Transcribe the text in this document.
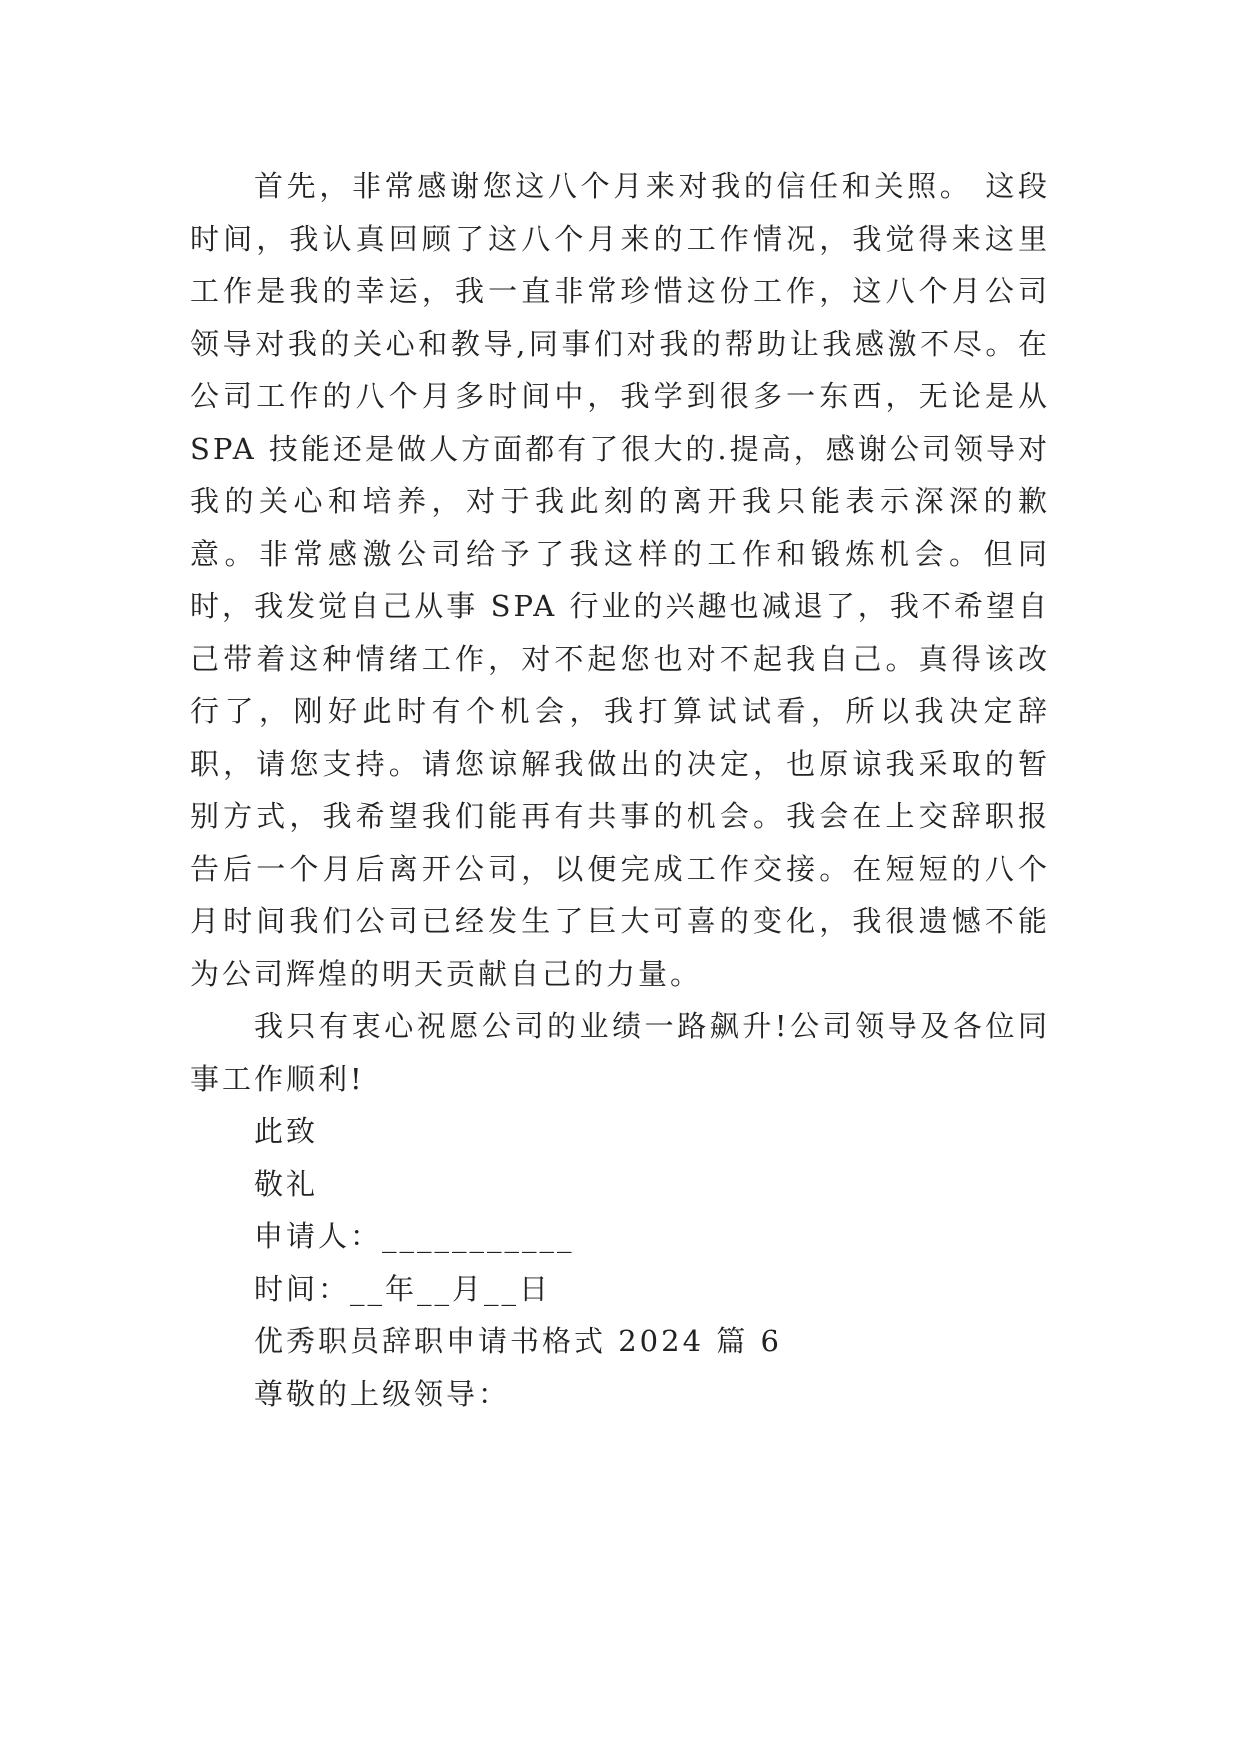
首先，非常感谢您这八个月来对我的信任和关照。 这段时间，我认真回顾了这八个月来的工作情况，我觉得来这里工作是我的幸运，我一直非常珍惜这份工作，这八个月公司领导对我的关心和教导,同事们对我的帮助让我感激不尽。在公司工作的八个月多时间中，我学到很多一东西，无论是从 SPA 技能还是做人方面都有了很大的.提高，感谢公司领导对我的关心和培养，对于我此刻的离开我只能表示深深的歉意。非常感激公司给予了我这样的工作和锻炼机会。但同时，我发觉自己从事 SPA 行业的兴趣也减退了，我不希望自己带着这种情绪工作，对不起您也对不起我自己。真得该改行了，刚好此时有个机会，我打算试试看，所以我决定辞职，请您支持。请您谅解我做出的决定，也原谅我采取的暂别方式，我希望我们能再有共事的机会。我会在上交辞职报告后一个月后离开公司，以便完成工作交接。在短短的八个月时间我们公司已经发生了巨大可喜的变化，我很遗憾不能为公司辉煌的明天贡献自己的力量。

我只有衷心祝愿公司的业绩一路飙升!公司领导及各位同事工作顺利!

此致

敬礼

申请人：___________

时间：__年__月__日

优秀职员辞职申请书格式 2024 篇 6

尊敬的上级领导：
